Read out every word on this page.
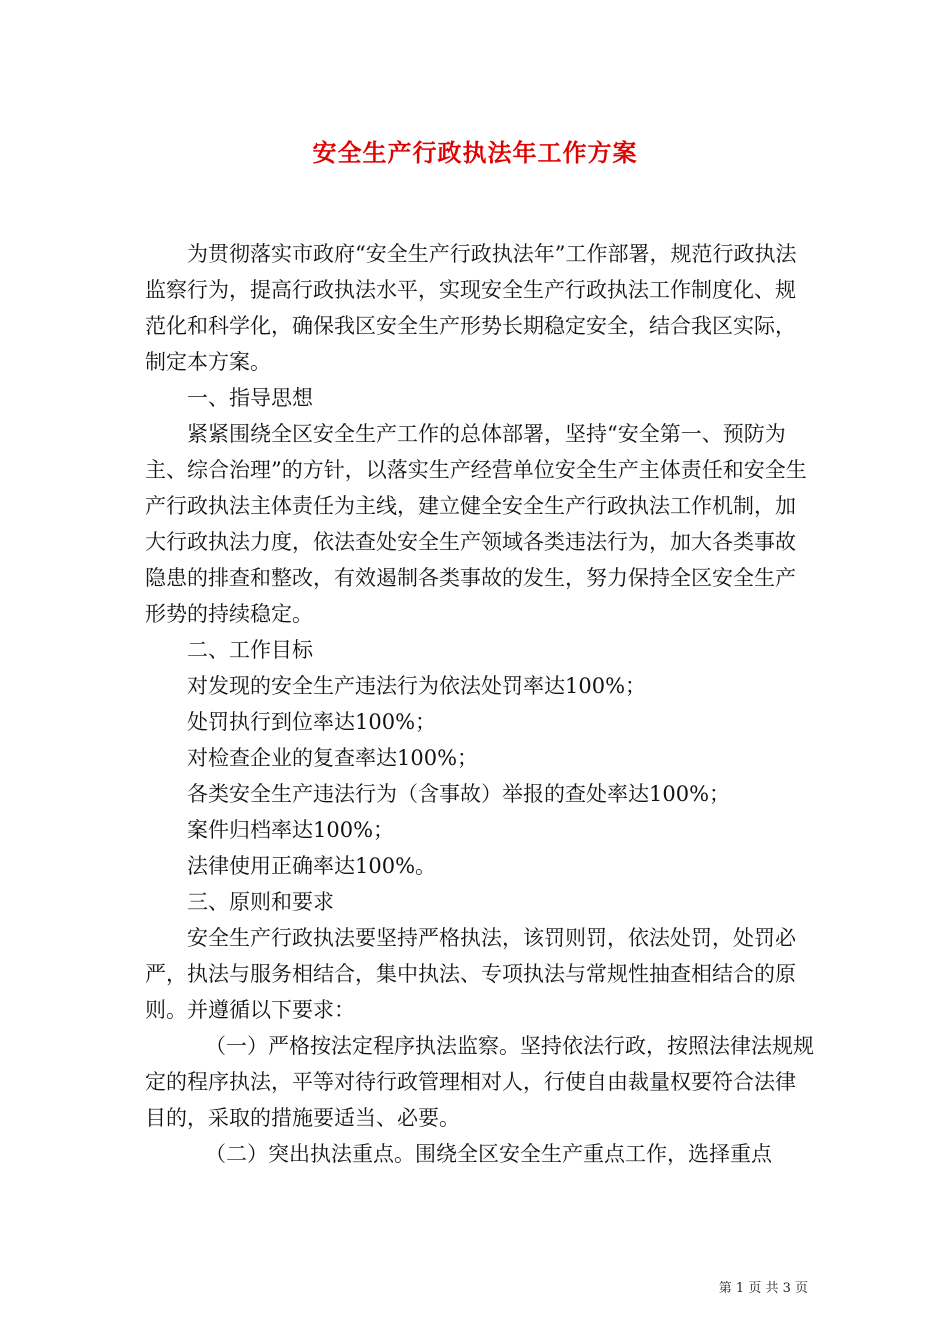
安全生产行政执法年工作方案

为贯彻落实市政府“安全生产行政执法年”工作部署，规范行政执法监察行为，提高行政执法水平，实现安全生产行政执法工作制度化、规范化和科学化，确保我区安全生产形势长期稳定安全，结合我区实际，制定本方案。

一、指导思想

紧紧围绕全区安全生产工作的总体部署，坚持“安全第一、预防为主、综合治理”的方针，以落实生产经营单位安全生产主体责任和安全生产行政执法主体责任为主线，建立健全安全生产行政执法工作机制，加大行政执法力度，依法查处安全生产领域各类违法行为，加大各类事故隐患的排查和整改，有效遏制各类事故的发生，努力保持全区安全生产形势的持续稳定。

二、工作目标

对发现的安全生产违法行为依法处罚率达100%；

处罚执行到位率达100%；

对检查企业的复查率达100%；

各类安全生产违法行为（含事故）举报的查处率达100%；

案件归档率达100%；

法律使用正确率达100%。

三、原则和要求

安全生产行政执法要坚持严格执法，该罚则罚，依法处罚，处罚必严，执法与服务相结合，集中执法、专项执法与常规性抽查相结合的原则。并遵循以下要求：

（一）严格按法定程序执法监察。坚持依法行政，按照法律法规规定的程序执法，平等对待行政管理相对人，行使自由裁量权要符合法律目的，采取的措施要适当、必要。

（二）突出执法重点。围绕全区安全生产重点工作，选择重点

第 1 页 共 3 页
